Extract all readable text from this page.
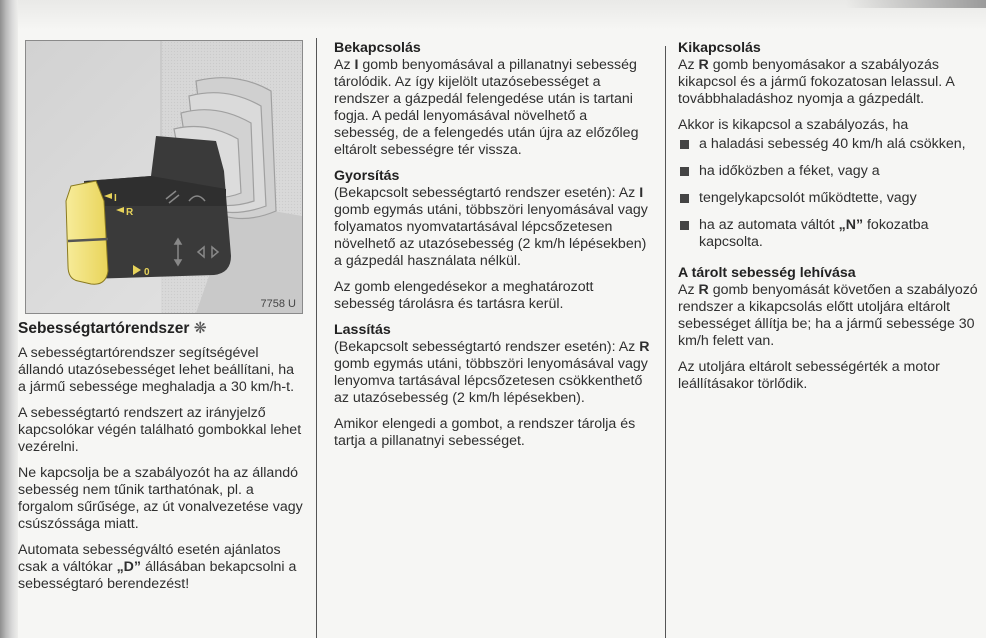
I
R
0
7758 U
Sebességtartórendszer ❋

A sebességtartórendszer segítségével állandó utazósebességet lehet beállítani, ha a jármű sebessége meghaladja a 30 km/h-t.

A sebességtartó rendszert az irányjelző kapcsolókar végén található gombokkal lehet vezérelni.

Ne kapcsolja be a szabályozót ha az állandó sebesség nem tűnik tarthatónak, pl. a forgalom sűrűsége, az út vonalvezetése vagy csúszóssága miatt.

Automata sebességváltó esetén ajánlatos csak a váltókar „D” állásában bekapcsolni a sebességtaró berendezést!

Bekapcsolás

Az I gomb benyomásával a pillanatnyi sebesség tárolódik. Az így kijelölt utazósebességet a rendszer a gázpedál felengedése után is tartani fogja. A pedál lenyomásával növelhető a sebesség, de a felengedés után újra az előzőleg eltárolt sebességre tér vissza.

Gyorsítás

(Bekapcsolt sebességtartó rendszer esetén): Az I gomb egymás utáni, többszöri lenyomásával vagy folyamatos nyomvatartásával lépcsőzetesen növelhető az utazósebesség (2 km/h lépésekben) a gázpedál használata nélkül.

Az gomb elengedésekor a meghatározott sebesség tárolásra és tartásra kerül.

Lassítás

(Bekapcsolt sebességtartó rendszer esetén): Az R gomb egymás utáni, többszöri lenyomásával vagy lenyomva tartásával lépcsőzetesen csökkenthető az utazósebesség (2 km/h lépésekben).

Amikor elengedi a gombot, a rendszer tárolja és tartja a pillanatnyi sebességet.

Kikapcsolás

Az R gomb benyomásakor a szabályozás kikapcsol és a jármű fokozatosan lelassul. A továbbhaladáshoz nyomja a gázpedált.

Akkor is kikapcsol a szabályozás, ha

a haladási sebesség 40 km/h alá csökken,
ha időközben a féket, vagy a
tengelykapcsolót működtette, vagy
ha az automata váltót „N” fokozatba kapcsolta.
A tárolt sebesség lehívása

Az R gomb benyomását követően a szabályozó rendszer a kikapcsolás előtt utoljára eltárolt sebességet állítja be; ha a jármű sebessége 30 km/h felett van.

Az utoljára eltárolt sebességérték a motor leállításakor törlődik.
